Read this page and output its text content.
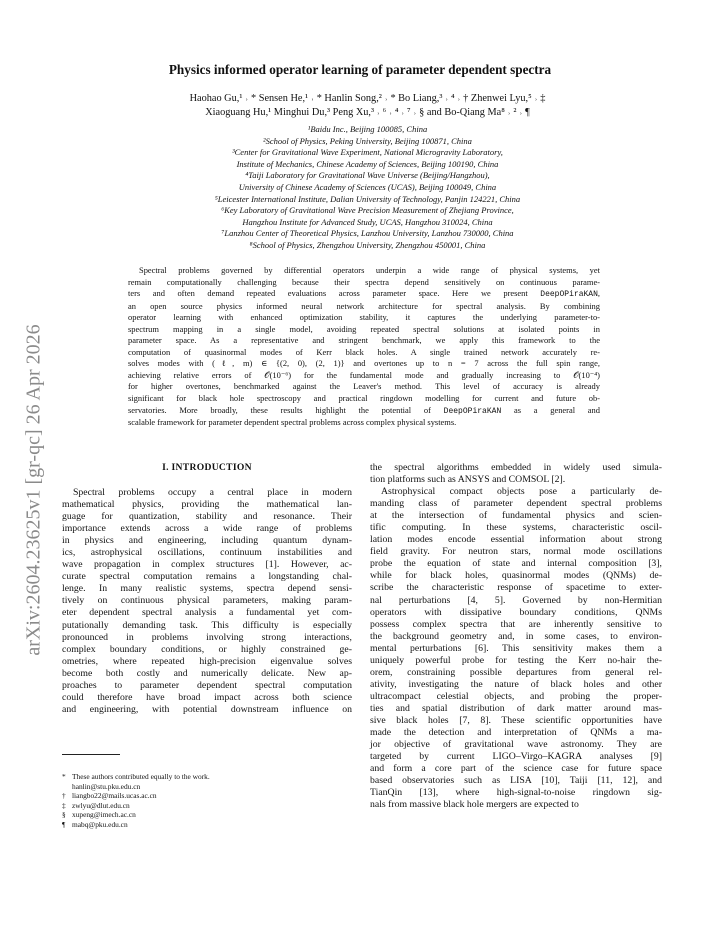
arXiv:2604.23625v1 [gr-qc] 26 Apr 2026
Physics informed operator learning of parameter dependent spectra
Haohao Gu,¹ ˒ * Sensen He,¹ ˒ * Hanlin Song,² ˒ * Bo Liang,³ ˒ ⁴ ˒ † Zhenwei Lyu,⁵ ˒ ‡
Xiaoguang Hu,¹ Minghui Du,³ Peng Xu,³ ˒ ⁶ ˒ ⁴ ˒ ⁷ ˒ § and Bo-Qiang Ma⁸ ˒ ² ˒ ¶
¹Baidu Inc., Beijing 100085, China
²School of Physics, Peking University, Beijing 100871, China
³Center for Gravitational Wave Experiment, National Microgravity Laboratory,
Institute of Mechanics, Chinese Academy of Sciences, Beijing 100190, China
⁴Taiji Laboratory for Gravitational Wave Universe (Beijing/Hangzhou),
University of Chinese Academy of Sciences (UCAS), Beijing 100049, China
⁵Leicester International Institute, Dalian University of Technology, Panjin 124221, China
⁶Key Laboratory of Gravitational Wave Precision Measurement of Zhejiang Province,
Hangzhou Institute for Advanced Study, UCAS, Hangzhou 310024, China
⁷Lanzhou Center of Theoretical Physics, Lanzhou University, Lanzhou 730000, China
⁸School of Physics, Zhengzhou University, Zhengzhou 450001, China
Spectral problems governed by differential operators underpin a wide range of physical systems, yet
remain computationally challenging because their spectra depend sensitively on continuous parame-
ters and often demand repeated evaluations across parameter space. Here we present DeepOPiraKAN,
an open source physics informed neural network architecture for spectral analysis. By combining
operator learning with enhanced optimization stability, it captures the underlying parameter-to-
spectrum mapping in a single model, avoiding repeated spectral solutions at isolated points in
parameter space. As a representative and stringent benchmark, we apply this framework to the
computation of quasinormal modes of Kerr black holes. A single trained network accurately re-
solves modes with (ℓ, m) ∈ {(2, 0), (2, 1)} and overtones up to n = 7 across the full spin range,
achieving relative errors of 𝒪(10⁻⁶) for the fundamental mode and gradually increasing to 𝒪(10⁻⁴)
for higher overtones, benchmarked against the Leaver's method. This level of accuracy is already
significant for black hole spectroscopy and practical ringdown modelling for current and future ob-
servatories. More broadly, these results highlight the potential of DeepOPiraKAN as a general and
scalable framework for parameter dependent spectral problems across complex physical systems.
I. INTRODUCTION
Spectral problems occupy a central place in modern
mathematical physics, providing the mathematical lan-
guage for quantization, stability and resonance. Their
importance extends across a wide range of problems
in physics and engineering, including quantum dynam-
ics, astrophysical oscillations, continuum instabilities and
wave propagation in complex structures [1]. However, ac-
curate spectral computation remains a longstanding chal-
lenge. In many realistic systems, spectra depend sensi-
tively on continuous physical parameters, making param-
eter dependent spectral analysis a fundamental yet com-
putationally demanding task. This difficulty is especially
pronounced in problems involving strong interactions,
complex boundary conditions, or highly constrained ge-
ometries, where repeated high-precision eigenvalue solves
become both costly and numerically delicate. New ap-
proaches to parameter dependent spectral computation
could therefore have broad impact across both science
and engineering, with potential downstream influence on
the spectral algorithms embedded in widely used simula-
tion platforms such as ANSYS and COMSOL [2].
Astrophysical compact objects pose a particularly de-
manding class of parameter dependent spectral problems
at the intersection of fundamental physics and scien-
tific computing. In these systems, characteristic oscil-
lation modes encode essential information about strong
field gravity. For neutron stars, normal mode oscillations
probe the equation of state and internal composition [3],
while for black holes, quasinormal modes (QNMs) de-
scribe the characteristic response of spacetime to exter-
nal perturbations [4, 5]. Governed by non-Hermitian
operators with dissipative boundary conditions, QNMs
possess complex spectra that are inherently sensitive to
the background geometry and, in some cases, to environ-
mental perturbations [6]. This sensitivity makes them a
uniquely powerful probe for testing the Kerr no-hair the-
orem, constraining possible departures from general rel-
ativity, investigating the nature of black holes and other
ultracompact celestial objects, and probing the proper-
ties and spatial distribution of dark matter around mas-
sive black holes [7, 8]. These scientific opportunities have
made the detection and interpretation of QNMs a ma-
jor objective of gravitational wave astronomy. They are
targeted by current LIGO–Virgo–KAGRA analyses [9]
and form a core part of the science case for future space
based observatories such as LISA [10], Taiji [11, 12], and
TianQin [13], where high-signal-to-noise ringdown sig-
nals from massive black hole mergers are expected to
* These authors contributed equally to the work.
hanlin@stu.pku.edu.cn
† liangbo22@mails.ucas.ac.cn
‡ zwlyu@dlut.edu.cn
§ xupeng@imech.ac.cn
¶ mabq@pku.edu.cn
